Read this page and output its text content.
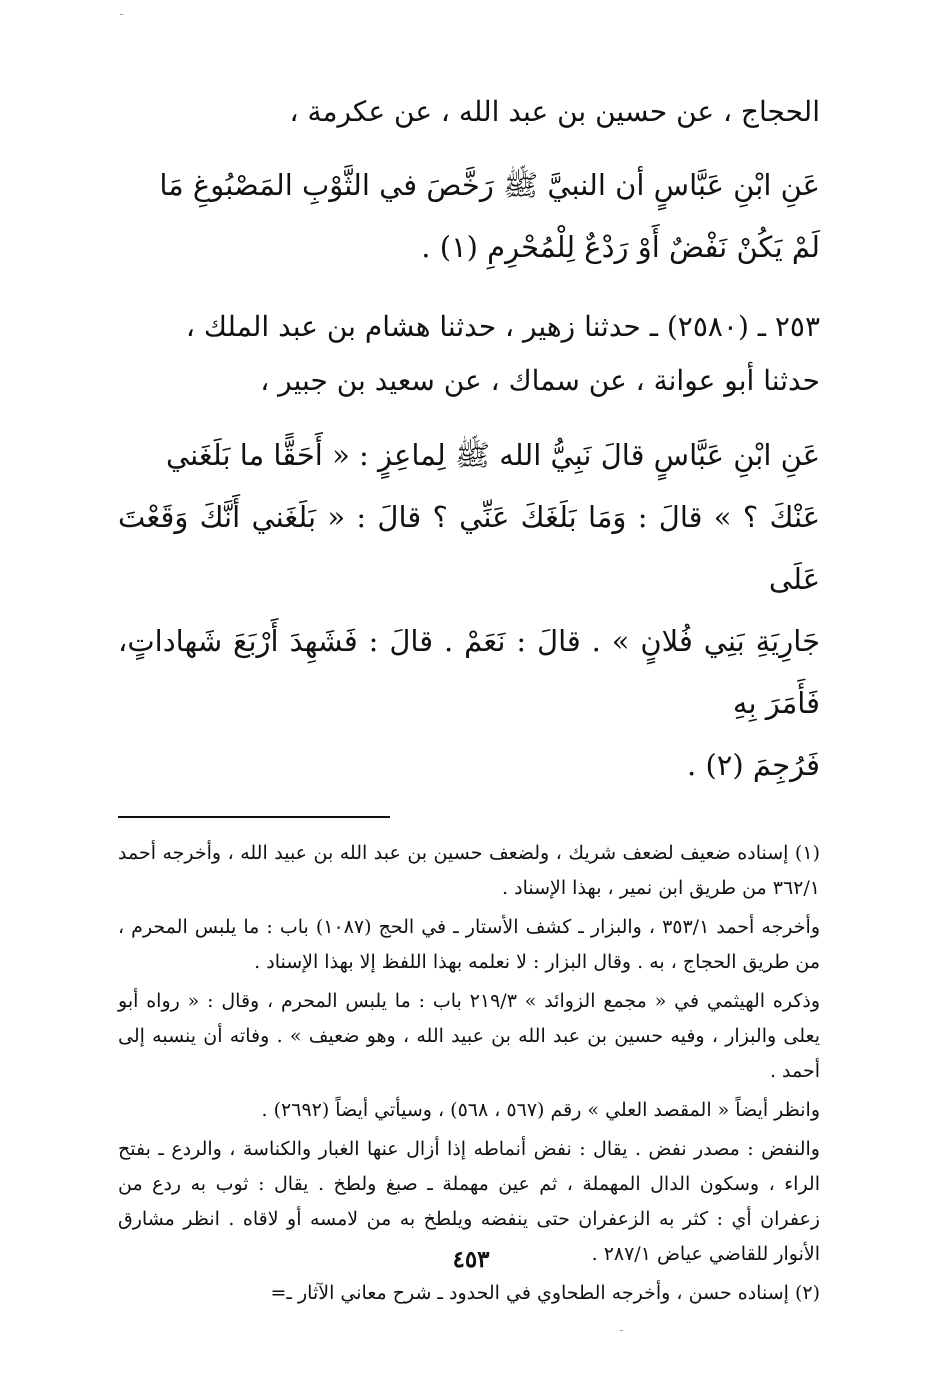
الحجاج ، عن حسين بن عبد الله ، عن عكرمة ،

عَنِ ابْنِ عَبَّاسٍ أن النبيَّ ﷺ رَخَّصَ في الثَّوْبِ المَصْبُوغِ مَا

لَمْ يَكُنْ نَفْضٌ أَوْ رَدْعٌ لِلْمُحْرِمِ (١) .

٢٥٣ ـ (٢٥٨٠) ـ حدثنا زهير ، حدثنا هشام بن عبد الملك ،

حدثنا أبو عوانة ، عن سماك ، عن سعيد بن جبير ،

عَنِ ابْنِ عَبَّاسٍ قالَ نَبِيُّ الله ﷺ لِماعِزٍ : « أَحَقًّا ما بَلَغَني

عَنْكَ ؟ » قالَ : وَمَا بَلَغَكَ عَنِّي ؟ قالَ : « بَلَغَني أَنَّكَ وَقَعْتَ عَلَى

جَارِيَةِ بَنِي فُلانٍ » . قالَ : نَعَمْ . قالَ : فَشَهِدَ أَرْبَعَ شَهاداتٍ، فَأَمَرَ بِهِ

فَرُجِمَ (٢) .

(١) إسناده ضعيف لضعف شريك ، ولضعف حسين بن عبد الله بن عبيد الله ، وأخرجه أحمد ٣٦٢/١ من طريق ابن نمير ، بهذا الإسناد .

وأخرجه أحمد ٣٥٣/١ ، والبزار ـ كشف الأستار ـ في الحج (١٠٨٧) باب : ما يلبس المحرم ، من طريق الحجاج ، به . وقال البزار : لا نعلمه بهذا اللفظ إلا بهذا الإسناد .

وذكره الهيثمي في « مجمع الزوائد » ٢١٩/٣ باب : ما يلبس المحرم ، وقال : « رواه أبو يعلى والبزار ، وفيه حسين بن عبد الله بن عبيد الله ، وهو ضعيف » . وفاته أن ينسبه إلى أحمد .

وانظر أيضاً « المقصد العلي » رقم (٥٦٧ ، ٥٦٨) ، وسيأتي أيضاً (٢٦٩٢) .

والنفض : مصدر نفض . يقال : نفض أنماطه إذا أزال عنها الغبار والكناسة ، والردع ـ بفتح الراء ، وسكون الدال المهملة ، ثم عين مهملة ـ صبغ ولطخ . يقال : ثوب به ردع من زعفران أي : كثر به الزعفران حتى ينفضه ويلطخ به من لامسه أو لاقاه . انظر مشارق الأنوار للقاضي عياض ٢٨٧/١ .

(٢) إسناده حسن ، وأخرجه الطحاوي في الحدود ـ شرح معاني الآثار ـ=

٤٥٣
